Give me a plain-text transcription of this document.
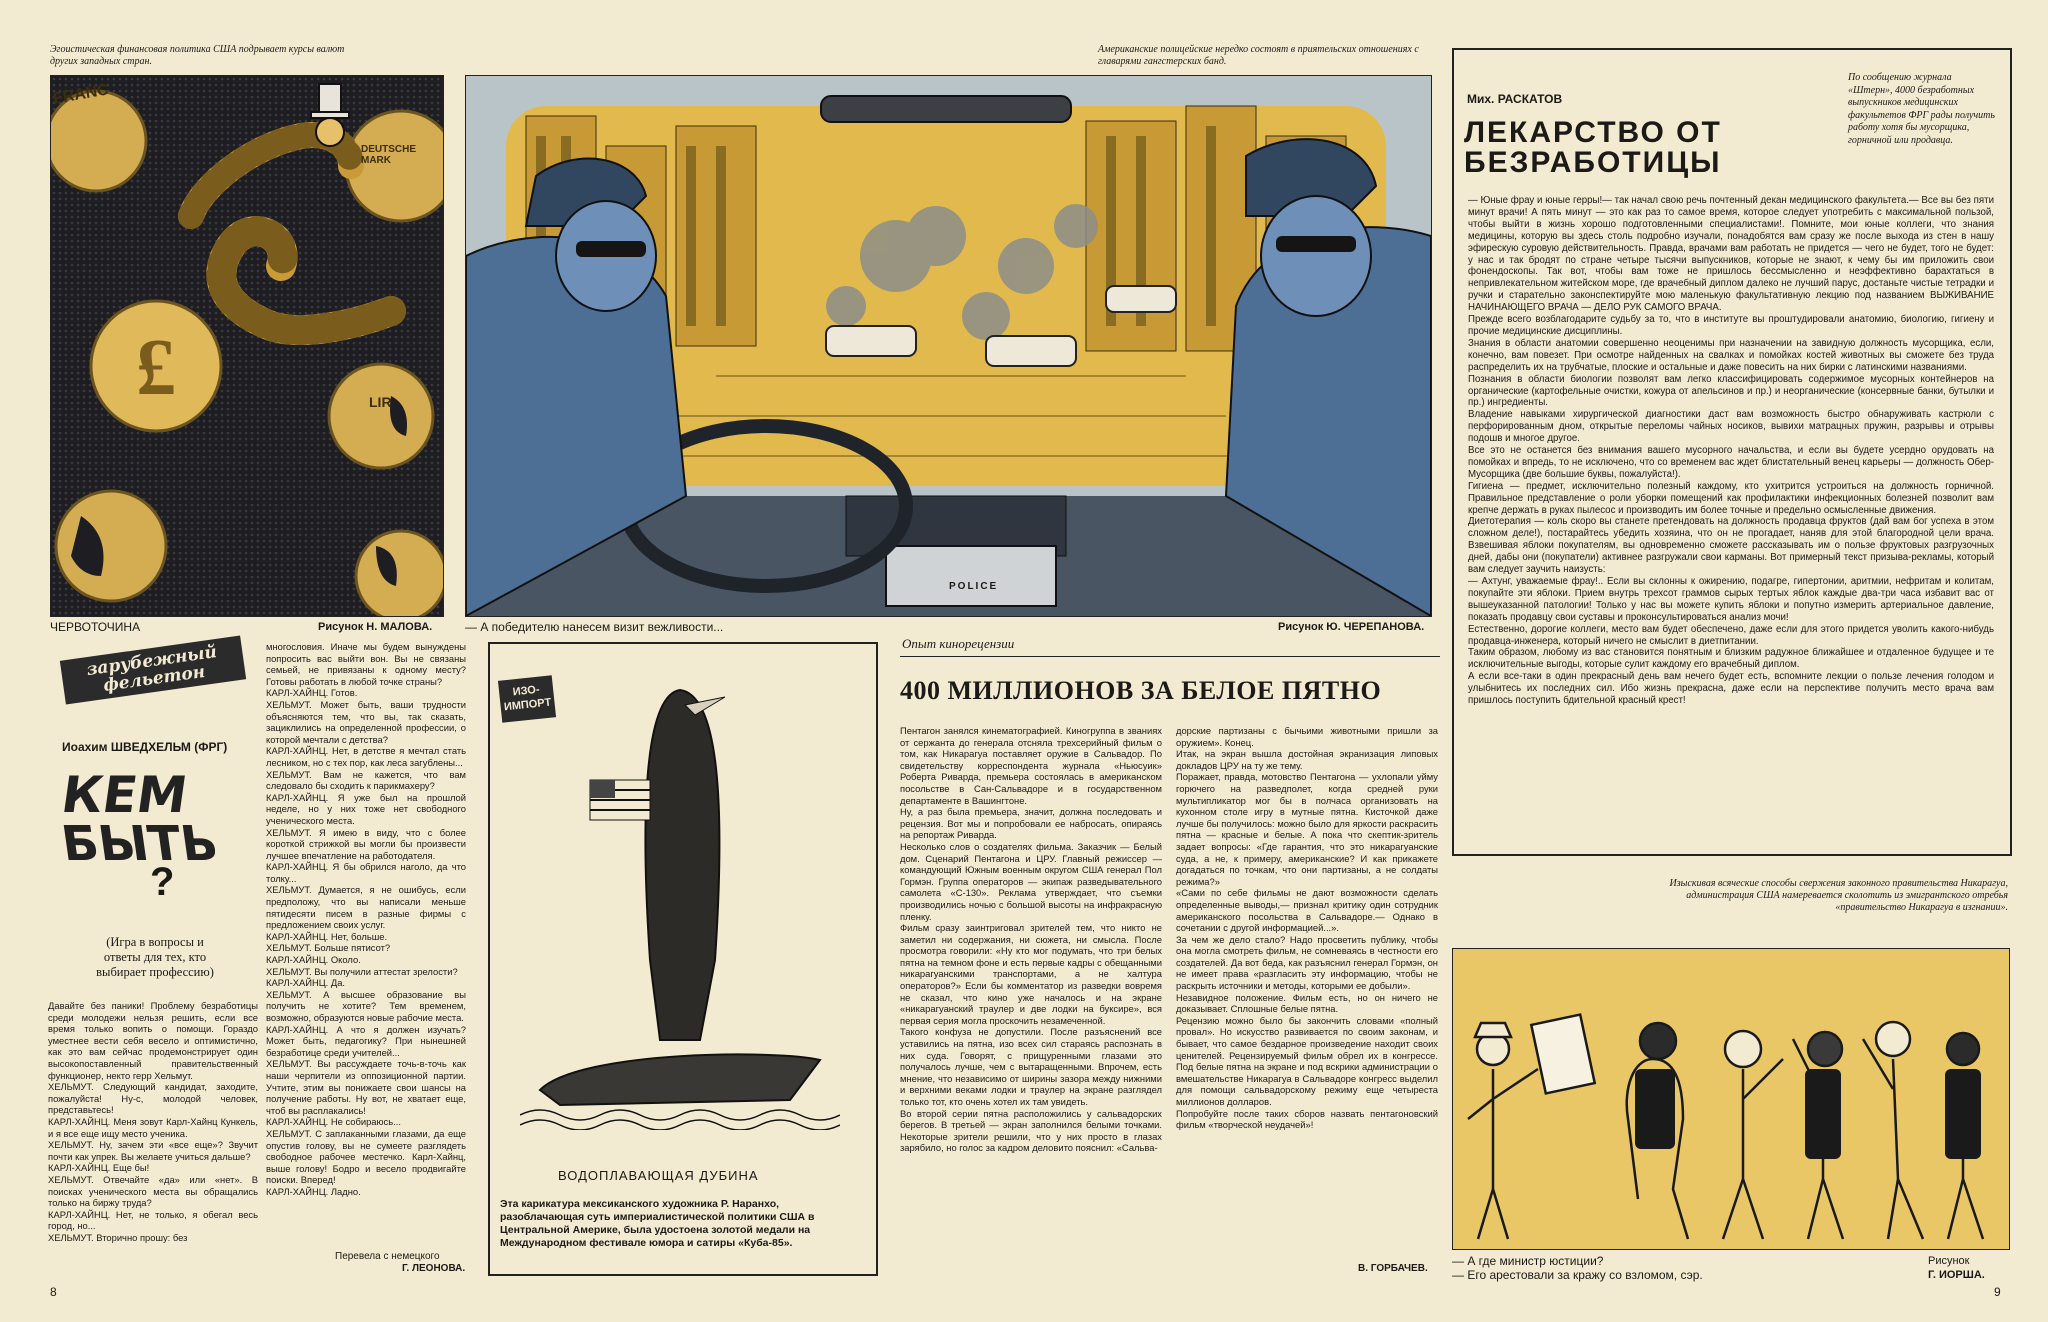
Эгоистическая финансовая политика США подрывает курсы валют других западных стран.
£
FRANC
DEUTSCHE MARK
LIR
ЧЕРВОТОЧИНА	Рисунок Н. МАЛОВА.
Американские полицейские нередко состоят в приятельских отношениях с главарями гангстерских банд.
POLICE
— А победителю нанесем визит вежливости...	Рисунок Ю. ЧЕРЕПАНОВА.
Мих. РАСКАТОВ
ЛЕКАРСТВО ОТ
БЕЗРАБОТИЦЫ
По сообщению журнала «Штерн», 4000 безработных выпускников медицинских факультетов ФРГ рады получить работу хотя бы мусорщика, горничной или продавца.
— Юные фрау и юные герры!— так начал свою речь почтенный декан медицинского факультета.— Все вы без пяти минут врачи! А пять минут — это как раз то самое время, которое следует употребить с максимальной пользой, чтобы выйти в жизнь хорошо подготовленными специалистами!. Помните, мои юные коллеги, что знания медицины, которую вы здесь столь подробно изучали, понадобятся вам сразу же после выхода из стен в нашу эфирескую суровую действительность. Правда, врачами вам работать не придется — чего не будет, того не будет: у нас и так бродят по стране четыре тысячи выпускников, которые не знают, к чему бы им приложить свои фонендоскопы. Так вот, чтобы вам тоже не пришлось бессмысленно и неэффективно барахтаться в непривлекательном житейском море, где врачебный диплом далеко не лучший парус, достаньте чистые тетрадки и ручки и старательно законспектируйте мою маленькую факультативную лекцию под названием ВЫЖИВАНИЕ НАЧИНАЮЩЕГО ВРАЧА — ДЕЛО РУК САМОГО ВРАЧА.
Прежде всего возблагодарите судьбу за то, что в институте вы проштудировали анатомию, биологию, гигиену и прочие медицинские дисциплины.
Знания в области анатомии совершенно неоценимы при назначении на завидную должность мусорщика, если, конечно, вам повезет. При осмотре найденных на свалках и помойках костей животных вы сможете без труда распределить их на трубчатые, плоские и остальные и даже повесить на них бирки с латинскими названиями.
Познания в области биологии позволят вам легко классифицировать содержимое мусорных контейнеров на органические (картофельные очистки, кожура от апельсинов и пр.) и неорганические (консервные банки, бутылки и пр.) ингредиенты.
Владение навыками хирургической диагностики даст вам возможность быстро обнаруживать кастрюли с перфорированным дном, открытые переломы чайных носиков, вывихи матрацных пружин, разрывы и отрывы подошв и многое другое.
Все это не останется без внимания вашего мусорного начальства, и если вы будете усердно орудовать на помойках и впредь, то не исключено, что со временем вас ждет блистательный венец карьеры — должность Обер-Мусорщика (две большие буквы, пожалуйста!).
Гигиена — предмет, исключительно полезный каждому, кто ухитрится устроиться на должность горничной. Правильное представление о роли уборки помещений как профилактики инфекционных болезней позволит вам крепче держать в руках пылесос и производить им более точные и предельно осмысленные движения.
Диетотерапия — коль скоро вы станете претендовать на должность продавца фруктов (дай вам бог успеха в этом сложном деле!), постарайтесь убедить хозяина, что он не прогадает, наняв для этой благородной цели врача. Взвешивая яблоки покупателям, вы одновременно сможете рассказывать им о пользе фруктовых разгрузочных дней, дабы они (покупатели) активнее разгружали свои карманы. Вот примерный текст призыва-рекламы, который вам следует заучить наизусть:
— Ахтунг, уважаемые фрау!.. Если вы склонны к ожирению, подагре, гипертонии, аритмии, нефритам и колитам, покупайте эти яблоки. Прием внутрь трехсот граммов сырых тертых яблок каждые два-три часа избавит вас от вышеуказанной патологии! Только у нас вы можете купить яблоки и попутно измерить артериальное давление, показать продавцу свои суставы и проконсультироваться анализ мочи!
Естественно, дорогие коллеги, место вам будет обеспечено, даже если для этого придется уволить какого-нибудь продавца-инженера, который ничего не смыслит в диетпитании.
Таким образом, любому из вас становится понятным и близким радужное ближайшее и отдаленное будущее и те исключительные выгоды, которые сулит каждому его врачебный диплом.
А если все-таки в один прекрасный день вам нечего будет есть, вспомните лекции о пользе лечения голодом и улыбнитесь их последних сил. Ибо жизнь прекрасна, даже если на перспективе получить место врача вам пришлось поступить бдительной красный крест!
зарубежный фельетон
Иоахим ШВЕДХЕЛЬМ (ФРГ)
КЕМ
БЫТЬ
?
(Игра в вопросы и ответы для тех, кто выбирает профессию)
Давайте без паники! Проблему безработицы среди молодежи нельзя решить, если все время только вопить о помощи. Гораздо уместнее вести себя весело и оптимистично, как это вам сейчас продемонстрирует один высокопоставленный правительственный функционер, некто герр Хельмут.
ХЕЛЬМУТ. Следующий кандидат, заходите, пожалуйста! Ну-с, молодой человек, представьтесь!
КАРЛ-ХАЙНЦ. Меня зовут Карл-Хайнц Кункель, и я все еще ищу место ученика.
ХЕЛЬМУТ. Ну, зачем эти «все еще»? Звучит почти как упрек. Вы желаете учиться дальше?
КАРЛ-ХАЙНЦ. Еще бы!
ХЕЛЬМУТ. Отвечайте «да» или «нет». В поисках ученического места вы обращались только на биржу труда?
КАРЛ-ХАЙНЦ. Нет, не только, я обегал весь город, но...
ХЕЛЬМУТ. Вторично прошу: без
многословия. Иначе мы будем вынуждены попросить вас выйти вон. Вы не связаны семьей, не привязаны к одному месту? Готовы работать в любой точке страны?
КАРЛ-ХАЙНЦ. Готов.
ХЕЛЬМУТ. Может быть, ваши трудности объясняются тем, что вы, так сказать, зациклились на определенной профессии, о которой мечтали с детства?
КАРЛ-ХАЙНЦ. Нет, в детстве я мечтал стать лесником, но с тех пор, как леса загублены...
ХЕЛЬМУТ. Вам не кажется, что вам следовало бы сходить к парикмахеру?
КАРЛ-ХАЙНЦ. Я уже был на прошлой неделе, но у них тоже нет свободного ученического места.
ХЕЛЬМУТ. Я имею в виду, что с более короткой стрижкой вы могли бы произвести лучшее впечатление на работодателя.
КАРЛ-ХАЙНЦ. Я бы обрился наголо, да что толку...
ХЕЛЬМУТ. Думается, я не ошибусь, если предположу, что вы написали меньше пятидесяти писем в разные фирмы с предложением своих услуг.
КАРЛ-ХАЙНЦ. Нет, больше.
ХЕЛЬМУТ. Больше пятисот?
КАРЛ-ХАЙНЦ. Около.
ХЕЛЬМУТ. Вы получили аттестат зрелости?
КАРЛ-ХАЙНЦ. Да.
ХЕЛЬМУТ. А высшее образование вы получить не хотите? Тем временем, возможно, образуются новые рабочие места.
КАРЛ-ХАЙНЦ. А что я должен изучать? Может быть, педагогику? При нынешней безработице среди учителей...
ХЕЛЬМУТ. Вы рассуждаете точь-в-точь как наши черпители из оппозиционной партии. Учтите, этим вы понижаете свои шансы на получение работы. Ну вот, не хватает еще, чтоб вы расплакались!
КАРЛ-ХАЙНЦ. Не собираюсь...
ХЕЛЬМУТ. С заплаканными глазами, да еще опустив голову, вы не сумеете разглядеть свободное рабочее местечко. Карл-Хайнц, выше голову! Бодро и весело продвигайте поиски. Вперед!
КАРЛ-ХАЙНЦ. Ладно.
Перевела с немецкого
Г. ЛЕОНОВА.
ИЗО-
ИМПОРТ
ВОДОПЛАВАЮЩАЯ ДУБИНА
Эта карикатура мексиканского художника Р. Наранхо, разоблачающая суть империалистической политики США в Центральной Америке, была удостоена золотой медали на Международном фестивале юмора и сатиры «Куба-85».
Опыт кинорецензии
400 МИЛЛИОНОВ ЗА БЕЛОЕ ПЯТНО
Пентагон занялся кинематографией. Киногруппа в званиях от сержанта до генерала отсняла трехсерийный фильм о том, как Никарагуа поставляет оружие в Сальвадор. По свидетельству корреспондента журнала «Ньюсуик» Роберта Ривардa, премьера состоялась в американском посольстве в Сан-Сальвадоре и в государственном департаменте в Вашингтоне.
Ну, а раз была премьера, значит, должна последовать и рецензия. Вот мы и попробовали ее набросать, опираясь на репортаж Ривардa.
Несколько слов о создателях фильма. Заказчик — Белый дом. Сценарий Пентагона и ЦРУ. Главный режиссер — командующий Южным военным округом США генерал Пол Гормэн. Группа операторов — экипаж разведывательного самолета «С-130». Реклама утверждает, что съемки производились ночью с большой высоты на инфракрасную пленку.
Фильм сразу заинтриговал зрителей тем, что никто не заметил ни содержания, ни сюжета, ни смысла. После просмотра говорили: «Ну кто мог подумать, что три белых пятна на темном фоне и есть первые кадры с обещанными никарагуанскими транспортами, а не халтура операторов?» Если бы комментатор из разведки вовремя не сказал, что кино уже началось и на экране «никарагуанский траулер и две лодки на буксире», вся первая серия могла проскочить незамеченной.
Такого конфуза не допустили. После разъяснений все уставились на пятна, изо всех сил стараясь распознать в них суда. Говорят, с прищуренными глазами это получалось лучше, чем с вытаращенными. Впрочем, есть мнение, что независимо от ширины зазора между нижними и верхними веками лодки и траулер на экране разглядел только тот, кто очень хотел их там увидеть.
Во второй серии пятна расположились у сальвадорских берегов. В третьей — экран заполнился белыми точками. Некоторые зрители решили, что у них просто в глазах зарябило, но голос за кадром деловито пояснил: «Сальва-
дорские партизаны с бычьими животными пришли за оружием». Конец.
Итак, на экран вышла достойная экранизация липовых докладов ЦРУ на ту же тему.
Поражает, правда, мотовство Пентагона — ухлопали уйму горючего на разведполет, когда средней руки мультипликатор мог бы в полчаса организовать на кухонном столе игру в мутные пятна. Кисточкой даже лучше бы получилось: можно было для яркости раскрасить пятна — красные и белые. А пока что скептик-зритель задает вопросы: «Где гарантия, что это никарагуанские суда, а не, к примеру, американские? И как прикажете догадаться по точкам, что они партизаны, а не солдаты режима?»
«Сами по себе фильмы не дают возможности сделать определенные выводы,— признал критику один сотрудник американского посольства в Сальвадоре.— Однако в сочетании с другой информацией...».
За чем же дело стало? Надо просветить публику, чтобы она могла смотреть фильм, не сомневаясь в честности его создателей. Да вот беда, как разъяснил генерал Гормэн, он не имеет права «разгласить эту информацию, чтобы не раскрыть источники и методы, которыми ее добыли».
Незавидное положение. Фильм есть, но он ничего не доказывает. Сплошные белые пятна.
Рецензию можно было бы закончить словами «полный провал». Но искусство развивается по своим законам, и бывает, что самое бездарное произведение находит своих ценителей. Рецензируемый фильм обрел их в конгрессе. Под белые пятна на экране и под вскрики администрации о вмешательстве Никарагуа в Сальвадоре конгресс выделил для помощи сальвадорскому режиму еще четыреста миллионов долларов.
Попробуйте после таких сборов назвать пентагоновский фильм «творческой неудачей»!
В. ГОРБАЧЕВ.
Изыскивая всяческие способы свержения законного правительства Никарагуа, администрация США намеревается сколотить из эмигрантского отребья «правительство Никарагуа в изгнании».
— А где министр юстиции?
— Его арестовали за кражу со взломом, сэр.
Рисунок
Г. ИОРША.
8	9
